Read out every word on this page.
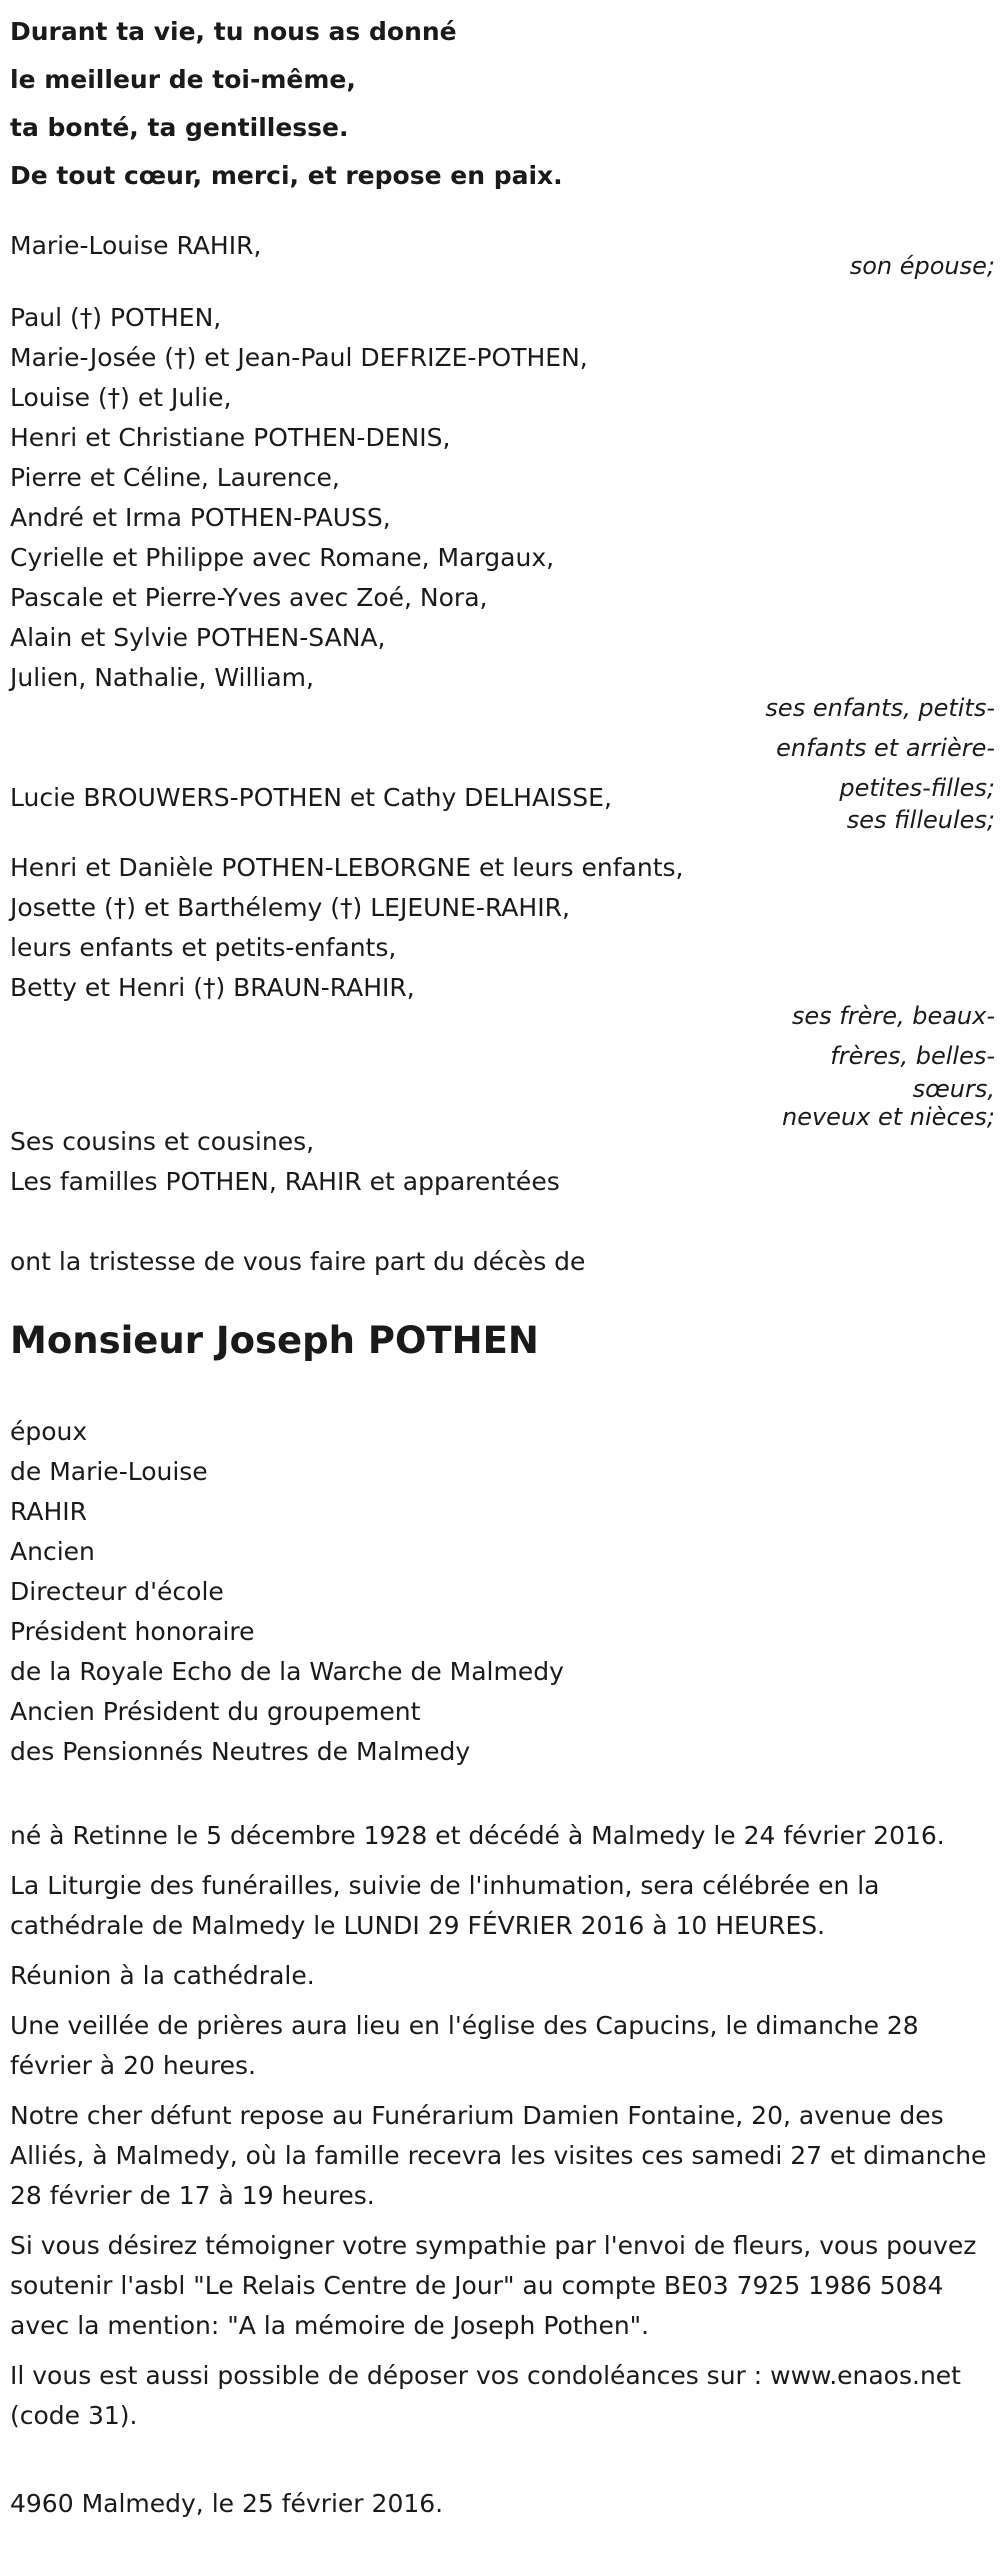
Durant ta vie, tu nous as donné
le meilleur de toi-même,
ta bonté, ta gentillesse.
De tout cœur, merci, et repose en paix.
Marie-Louise RAHIR,
son épouse;
Paul (†) POTHEN,
Marie-Josée (†) et Jean-Paul DEFRIZE-POTHEN,
Louise (†) et Julie,
Henri et Christiane POTHEN-DENIS,
Pierre et Céline, Laurence,
André et Irma POTHEN-PAUSS,
Cyrielle et Philippe avec Romane, Margaux,
Pascale et Pierre-Yves avec Zoé, Nora,
Alain et Sylvie POTHEN-SANA,
Julien, Nathalie, William,
ses enfants, petits-
enfants et arrière-
petites-filles;
Lucie BROUWERS-POTHEN et Cathy DELHAISSE,
ses filleules;
Henri et Danièle POTHEN-LEBORGNE et leurs enfants,
Josette (†) et Barthélemy (†) LEJEUNE-RAHIR,
leurs enfants et petits-enfants,
Betty et Henri (†) BRAUN-RAHIR,
ses frère, beaux-
frères, belles-
sœurs,
neveux et nièces;
Ses cousins et cousines,
Les familles POTHEN, RAHIR et apparentées
ont la tristesse de vous faire part du décès de
Monsieur Joseph POTHEN
époux
de Marie-Louise
RAHIR
Ancien
Directeur d'école
Président honoraire
de la Royale Echo de la Warche de Malmedy
Ancien Président du groupement
des Pensionnés Neutres de Malmedy
né à Retinne le 5 décembre 1928 et décédé à Malmedy le 24 février 2016.
La Liturgie des funérailles, suivie de l'inhumation, sera célébrée en la cathédrale de Malmedy le LUNDI 29 FÉVRIER 2016 à 10 HEURES.
Réunion à la cathédrale.
Une veillée de prières aura lieu en l'église des Capucins, le dimanche 28 février à 20 heures.
Notre cher défunt repose au Funérarium Damien Fontaine, 20, avenue des Alliés, à Malmedy, où la famille recevra les visites ces samedi 27 et dimanche 28 février de 17 à 19 heures.
Si vous désirez témoigner votre sympathie par l'envoi de fleurs, vous pouvez soutenir l'asbl "Le Relais Centre de Jour" au compte BE03 7925 1986 5084 avec la mention: "A la mémoire de Joseph Pothen".
Il vous est aussi possible de déposer vos condoléances sur : www.enaos.net (code 31).
4960 Malmedy, le 25 février 2016.
